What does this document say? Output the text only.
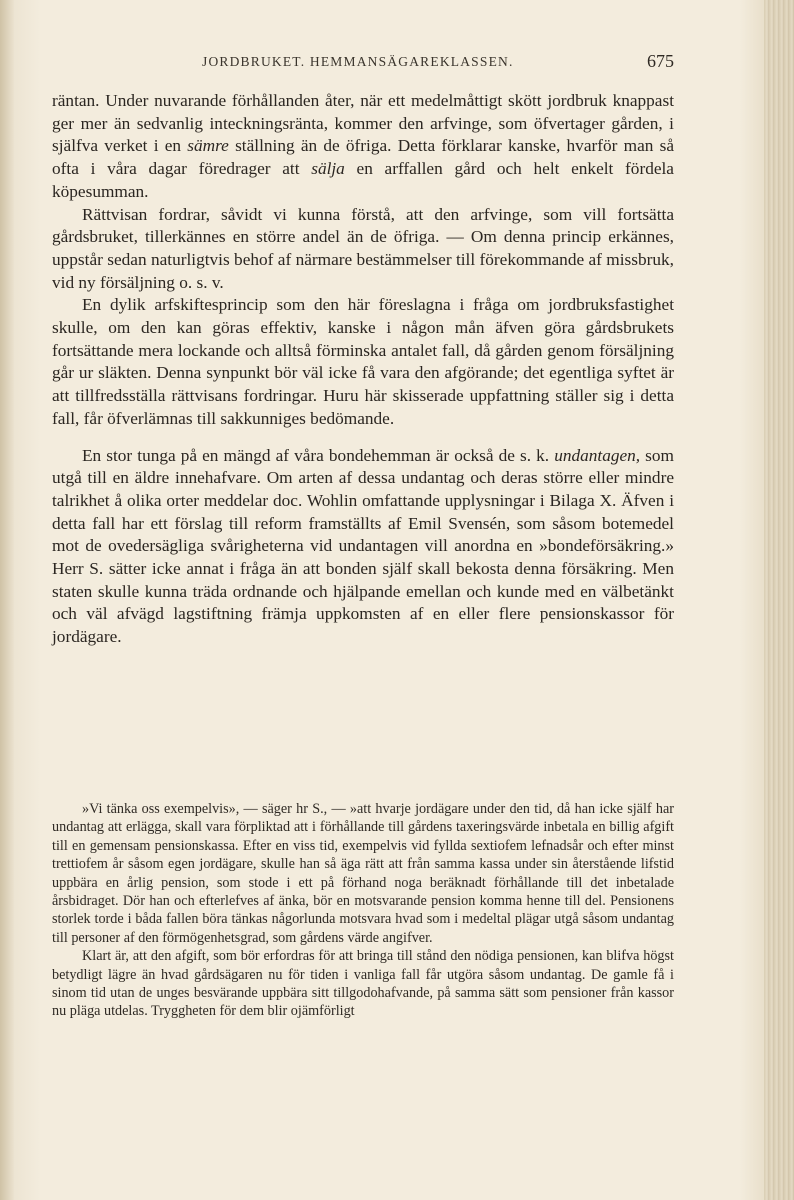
JORDBRUKET. HEMMANSÄGAREKLASSEN.	675

räntan. Under nuvarande förhållanden åter, när ett medelmåttigt skött jordbruk knappast ger mer än sedvanlig inteckningsränta, kommer den arfvinge, som öfvertager gården, i själfva verket i en sämre ställning än de öfriga. Detta förklarar kanske, hvarför man så ofta i våra dagar föredrager att sälja en arffallen gård och helt enkelt fördela köpesumman.

Rättvisan fordrar, såvidt vi kunna förstå, att den arfvinge, som vill fortsätta gårdsbruket, tillerkännes en större andel än de öfriga. — Om denna princip erkännes, uppstår sedan naturligtvis behof af närmare bestämmelser till förekommande af missbruk, vid ny försäljning o. s. v.

En dylik arfskiftesprincip som den här föreslagna i fråga om jordbruksfastighet skulle, om den kan göras effektiv, kanske i någon mån äfven göra gårdsbrukets fortsättande mera lockande och alltså förminska antalet fall, då gården genom försäljning går ur släkten. Denna synpunkt bör väl icke få vara den afgörande; det egentliga syftet är att tillfredsställa rättvisans fordringar. Huru här skisserade uppfattning ställer sig i detta fall, får öfverlämnas till sakkunniges bedömande.

En stor tunga på en mängd af våra bondehemman är också de s. k. undantagen, som utgå till en äldre innehafvare. Om arten af dessa undantag och deras större eller mindre talrikhet å olika orter meddelar doc. Wohlin omfattande upplysningar i Bilaga X. Äfven i detta fall har ett förslag till reform framställts af Emil Svensén, som såsom botemedel mot de ovedersägliga svårigheterna vid undantagen vill anordna en »bondeförsäkring.» Herr S. sätter icke annat i fråga än att bonden själf skall bekosta denna försäkring. Men staten skulle kunna träda ordnande och hjälpande emellan och kunde med en välbetänkt och väl afvägd lagstiftning främja uppkomsten af en eller flere pensionskassor för jordägare.

»Vi tänka oss exempelvis», — säger hr S., — »att hvarje jordägare under den tid, då han icke själf har undantag att erlägga, skall vara förpliktad att i förhållande till gårdens taxeringsvärde inbetala en billig afgift till en gemensam pensionskassa. Efter en viss tid, exempelvis vid fyllda sextiofem lefnadsår och efter minst trettiofem år såsom egen jordägare, skulle han så äga rätt att från samma kassa under sin återstående lifstid uppbära en årlig pension, som stode i ett på förhand noga beräknadt förhållande till det inbetalade årsbidraget. Dör han och efterlefves af änka, bör en motsvarande pension komma henne till del. Pensionens storlek torde i båda fallen böra tänkas någorlunda motsvara hvad som i medeltal plägar utgå såsom undantag till personer af den förmögenhetsgrad, som gårdens värde angifver.

Klart är, att den afgift, som bör erfordras för att bringa till stånd den nödiga pensionen, kan blifva högst betydligt lägre än hvad gårdsägaren nu för tiden i vanliga fall får utgöra såsom undantag. De gamle få i sinom tid utan de unges besvärande uppbära sitt tillgodohafvande, på samma sätt som pensioner från kassor nu pläga utdelas. Tryggheten för dem blir ojämförligt
